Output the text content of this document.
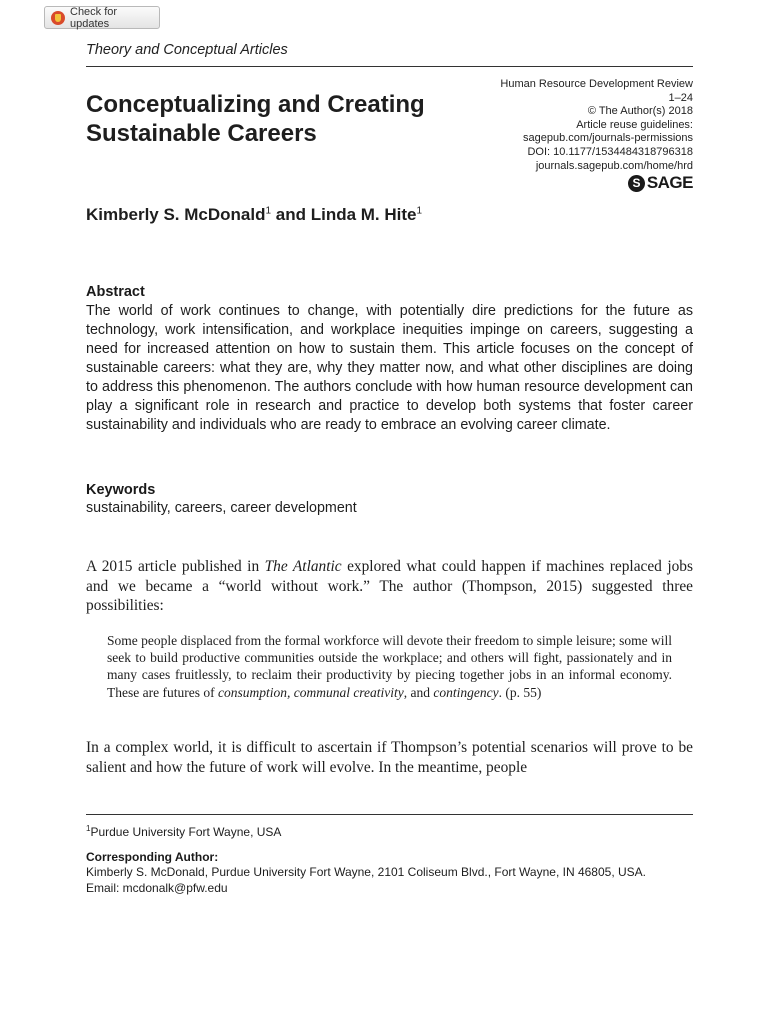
Check for updates
Theory and Conceptual Articles
Conceptualizing and Creating
Sustainable Careers
Human Resource Development Review
1–24
© The Author(s) 2018
Article reuse guidelines:
sagepub.com/journals-permissions
DOI: 10.1177/1534484318796318
journals.sagepub.com/home/hrd
S SAGE
Kimberly S. McDonald$^1$ and Linda M. Hite$^1$
Abstract

The world of work continues to change, with potentially dire predictions for the future as technology, work intensification, and workplace inequities impinge on careers, suggesting a need for increased attention on how to sustain them. This article focuses on the concept of sustainable careers: what they are, why they matter now, and what other disciplines are doing to address this phenomenon. The authors conclude with how human resource development can play a significant role in research and practice to develop both systems that foster career sustainability and individuals who are ready to embrace an evolving career climate.

Keywords

sustainability, careers, career development

A 2015 article published in The Atlantic explored what could happen if machines replaced jobs and we became a “world without work.” The author (Thompson, 2015) suggested three possibilities:

Some people displaced from the formal workforce will devote their freedom to simple leisure; some will seek to build productive communities outside the workplace; and others will fight, passionately and in many cases fruitlessly, to reclaim their productivity by piecing together jobs in an informal economy. These are futures of consumption, communal creativity, and contingency. (p. 55)

In a complex world, it is difficult to ascertain if Thompson’s potential scenarios will prove to be salient and how the future of work will evolve. In the meantime, people

$^1$Purdue University Fort Wayne, USA
Corresponding Author:
Kimberly S. McDonald, Purdue University Fort Wayne, 2101 Coliseum Blvd., Fort Wayne, IN 46805, USA.
Email: mcdonalk@pfw.edu
